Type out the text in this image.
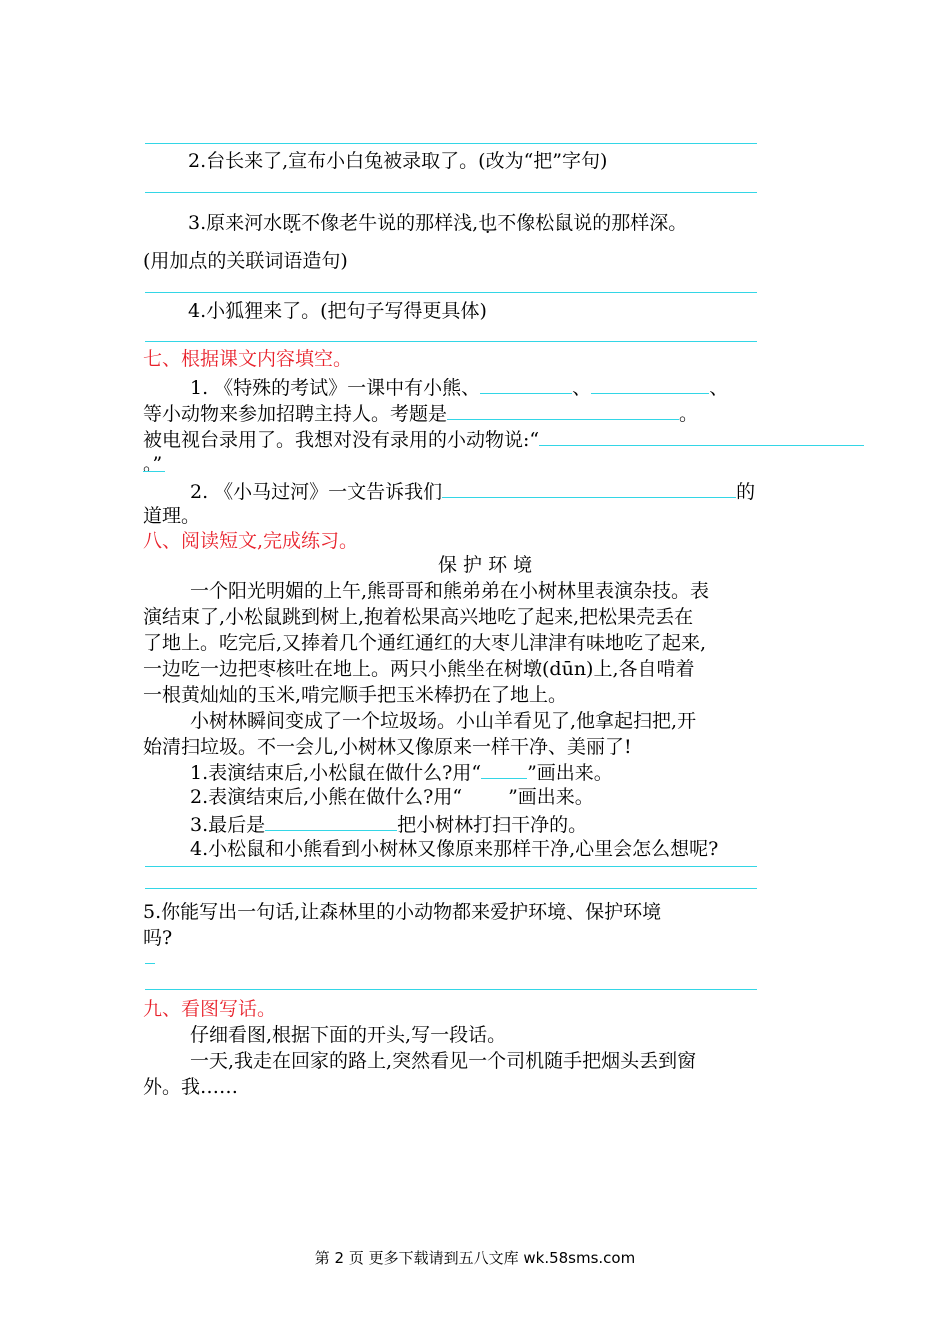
2.台长来了,宣布小白兔被录取了。(改为“把”字句)
3.原来河水既不像老牛说的那样浅,也不像松鼠说的那样深。
(用加点的关联词语造句)
4.小狐狸来了。(把句子写得更具体)
七、根据课文内容填空。
1. 《特殊的考试》一课中有小熊、	、	、
等小动物来参加招聘主持人。考题是	。
被电视台录用了。我想对没有录用的小动物说:“
。”
2. 《小马过河》一文告诉我们	的
道理。
八、阅读短文,完成练习。
保 护 环 境
一个阳光明媚的上午,熊哥哥和熊弟弟在小树林里表演杂技。表
演结束了,小松鼠跳到树上,抱着松果高兴地吃了起来,把松果壳丢在
了地上。吃完后,又捧着几个通红通红的大枣儿津津有味地吃了起来,
一边吃一边把枣核吐在地上。两只小熊坐在树墩(dūn)上,各自啃着
一根黄灿灿的玉米,啃完顺手把玉米棒扔在了地上。
小树林瞬间变成了一个垃圾场。小山羊看见了,他拿起扫把,开
始清扫垃圾。不一会儿,小树林又像原来一样干净、美丽了!
1.表演结束后,小松鼠在做什么?用“ ”画出来。
2.表演结束后,小熊在做什么?用“ ”画出来。
3.最后是	把小树林打扫干净的。
4.小松鼠和小熊看到小树林又像原来那样干净,心里会怎么想呢?
5.你能写出一句话,让森林里的小动物都来爱护环境、保护环境
吗?
九、看图写话。
仔细看图,根据下面的开头,写一段话。
一天,我走在回家的路上,突然看见一个司机随手把烟头丢到窗
外。我……
第 2 页 更多下载请到五八文库 wk.58sms.com
